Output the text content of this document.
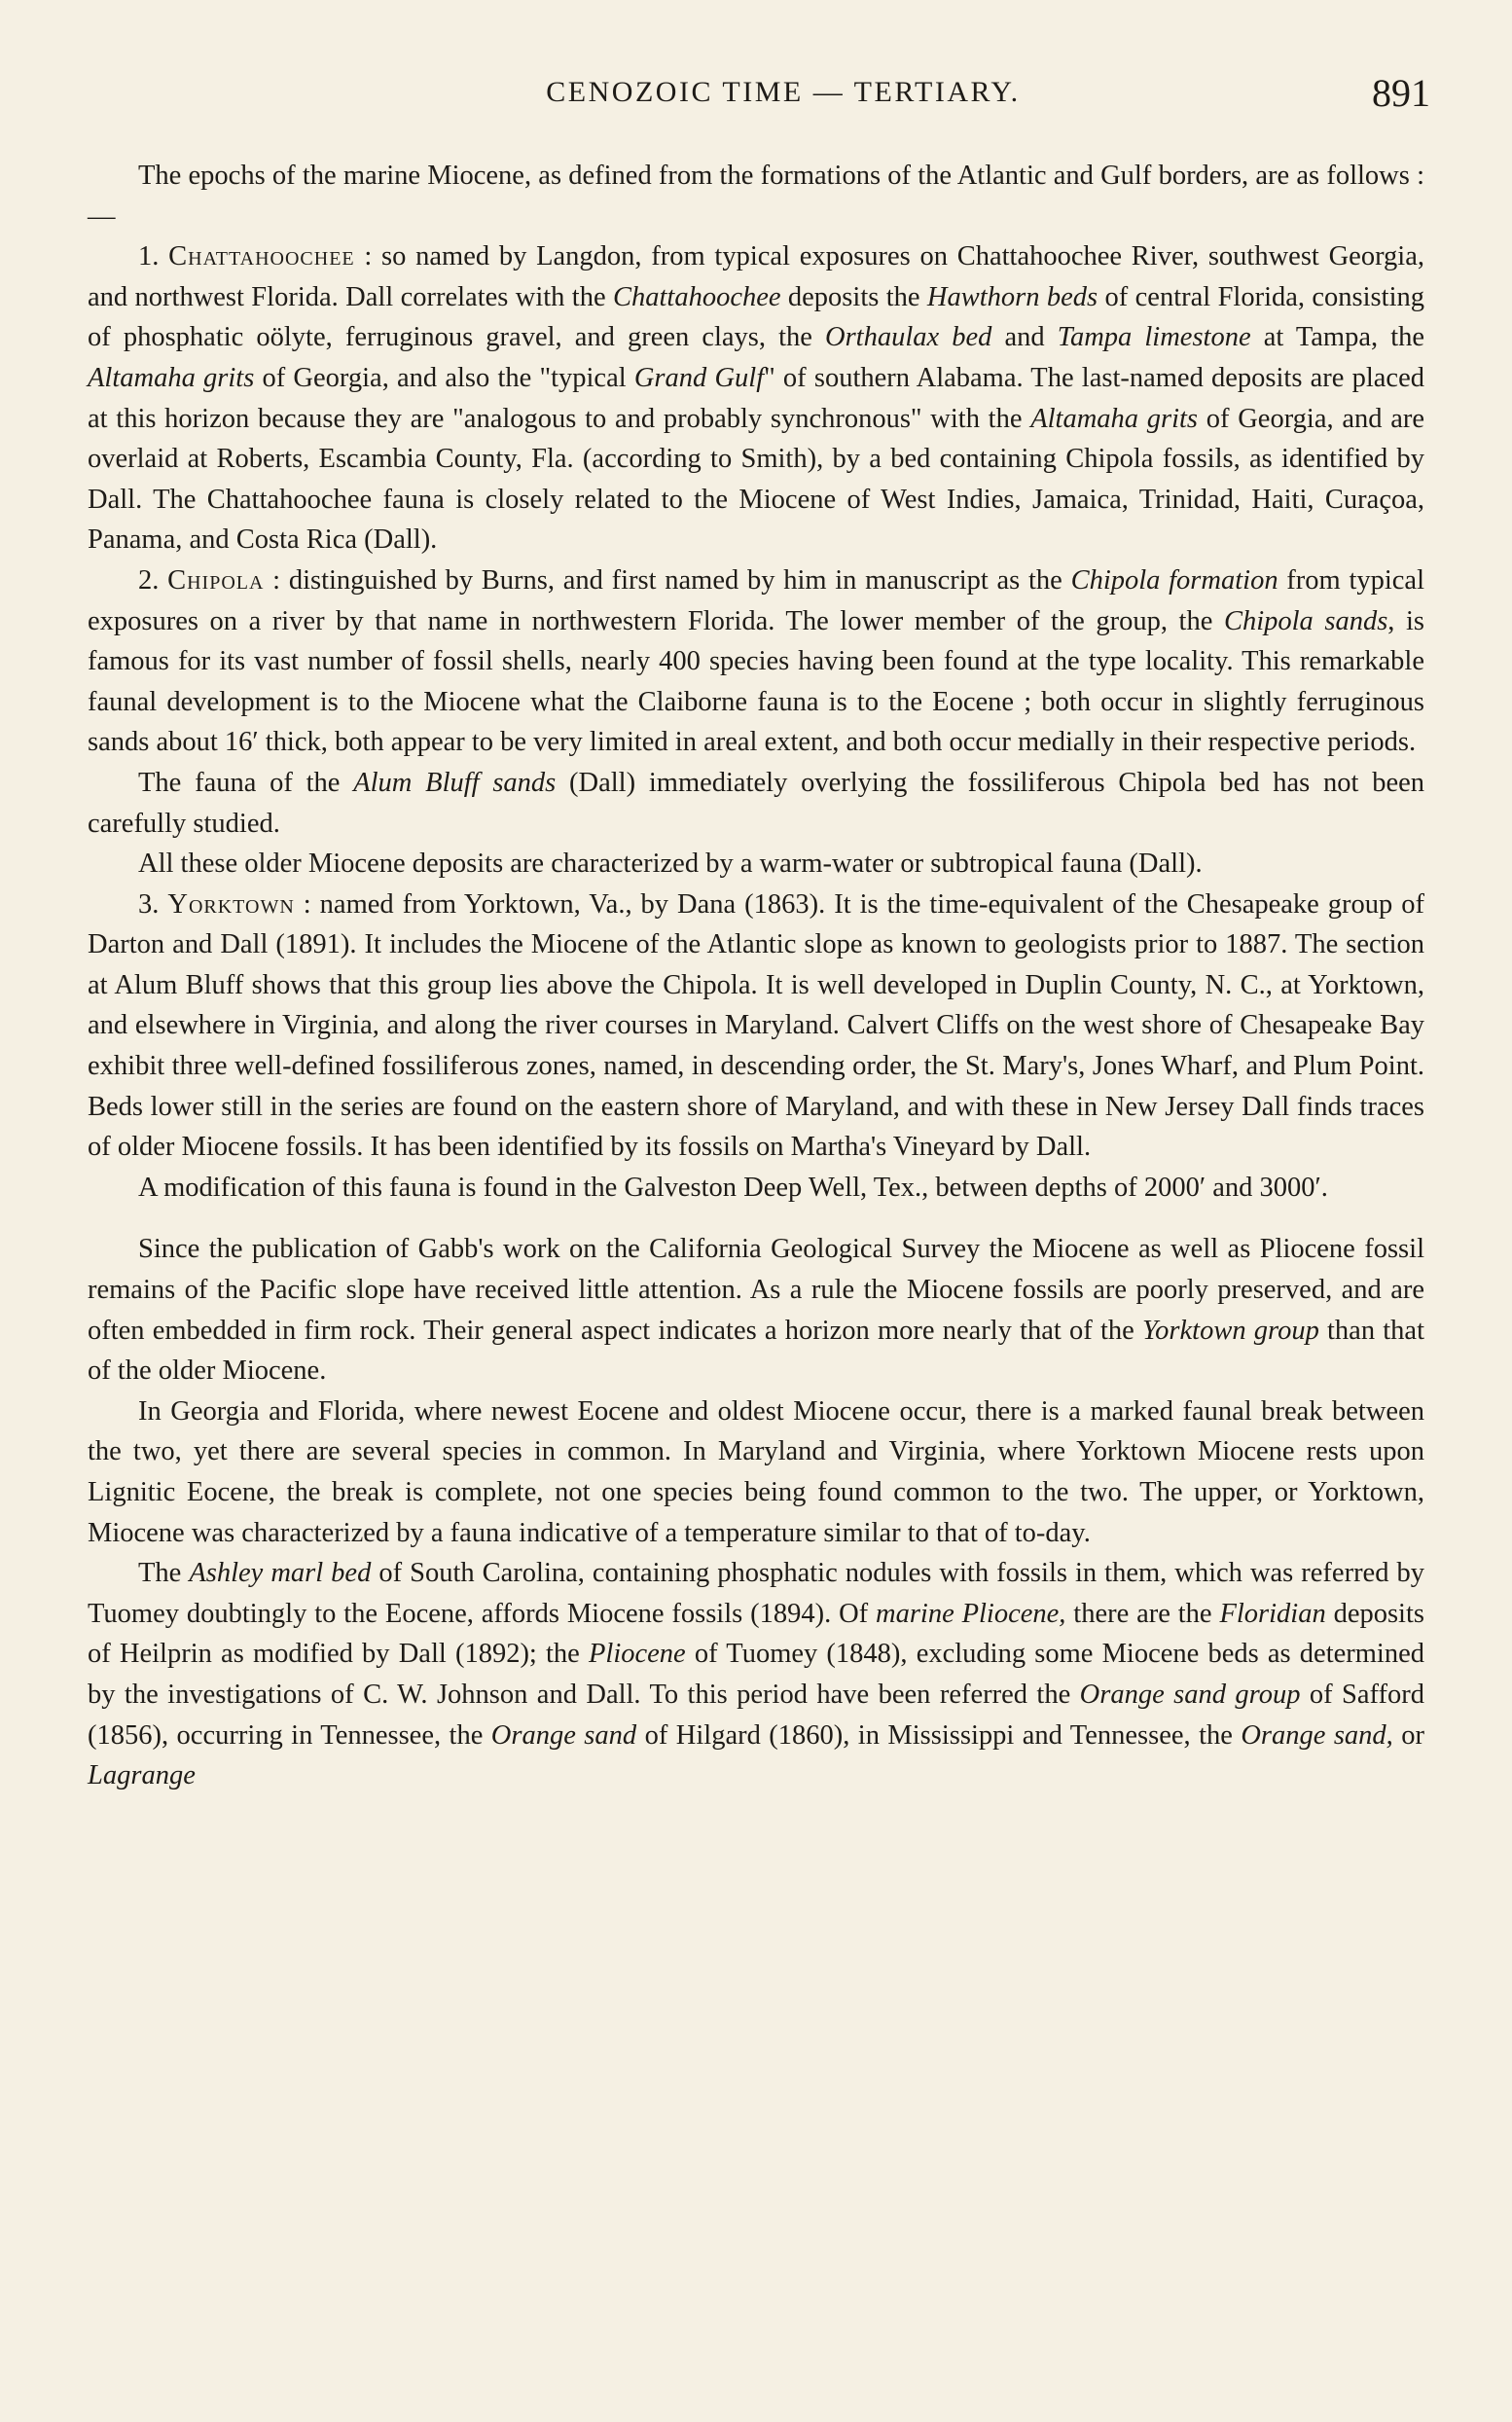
CENOZOIC TIME — TERTIARY.	891

The epochs of the marine Miocene, as defined from the formations of the Atlantic and Gulf borders, are as follows : —

1. Chattahoochee : so named by Langdon, from typical exposures on Chattahoochee River, southwest Georgia, and northwest Florida. Dall correlates with the Chattahoochee deposits the Hawthorn beds of central Florida, consisting of phosphatic oölyte, ferruginous gravel, and green clays, the Orthaulax bed and Tampa limestone at Tampa, the Altamaha grits of Georgia, and also the "typical Grand Gulf" of southern Alabama. The last-named deposits are placed at this horizon because they are "analogous to and probably synchronous" with the Altamaha grits of Georgia, and are overlaid at Roberts, Escambia County, Fla. (according to Smith), by a bed containing Chipola fossils, as identified by Dall. The Chattahoochee fauna is closely related to the Miocene of West Indies, Jamaica, Trinidad, Haiti, Curaçoa, Panama, and Costa Rica (Dall).

2. Chipola : distinguished by Burns, and first named by him in manuscript as the Chipola formation from typical exposures on a river by that name in northwestern Florida. The lower member of the group, the Chipola sands, is famous for its vast number of fossil shells, nearly 400 species having been found at the type locality. This remarkable faunal development is to the Miocene what the Claiborne fauna is to the Eocene ; both occur in slightly ferruginous sands about 16′ thick, both appear to be very limited in areal extent, and both occur medially in their respective periods.

The fauna of the Alum Bluff sands (Dall) immediately overlying the fossiliferous Chipola bed has not been carefully studied.

All these older Miocene deposits are characterized by a warm-water or subtropical fauna (Dall).

3. Yorktown : named from Yorktown, Va., by Dana (1863). It is the time-equivalent of the Chesapeake group of Darton and Dall (1891). It includes the Miocene of the Atlantic slope as known to geologists prior to 1887. The section at Alum Bluff shows that this group lies above the Chipola. It is well developed in Duplin County, N. C., at Yorktown, and elsewhere in Virginia, and along the river courses in Maryland. Calvert Cliffs on the west shore of Chesapeake Bay exhibit three well-defined fossiliferous zones, named, in descending order, the St. Mary's, Jones Wharf, and Plum Point. Beds lower still in the series are found on the eastern shore of Maryland, and with these in New Jersey Dall finds traces of older Miocene fossils. It has been identified by its fossils on Martha's Vineyard by Dall.

A modification of this fauna is found in the Galveston Deep Well, Tex., between depths of 2000′ and 3000′.

Since the publication of Gabb's work on the California Geological Survey the Miocene as well as Pliocene fossil remains of the Pacific slope have received little attention. As a rule the Miocene fossils are poorly preserved, and are often embedded in firm rock. Their general aspect indicates a horizon more nearly that of the Yorktown group than that of the older Miocene.

In Georgia and Florida, where newest Eocene and oldest Miocene occur, there is a marked faunal break between the two, yet there are several species in common. In Maryland and Virginia, where Yorktown Miocene rests upon Lignitic Eocene, the break is complete, not one species being found common to the two. The upper, or Yorktown, Miocene was characterized by a fauna indicative of a temperature similar to that of to-day.

The Ashley marl bed of South Carolina, containing phosphatic nodules with fossils in them, which was referred by Tuomey doubtingly to the Eocene, affords Miocene fossils (1894). Of marine Pliocene, there are the Floridian deposits of Heilprin as modified by Dall (1892); the Pliocene of Tuomey (1848), excluding some Miocene beds as determined by the investigations of C. W. Johnson and Dall. To this period have been referred the Orange sand group of Safford (1856), occurring in Tennessee, the Orange sand of Hilgard (1860), in Mississippi and Tennessee, the Orange sand, or Lagrange
